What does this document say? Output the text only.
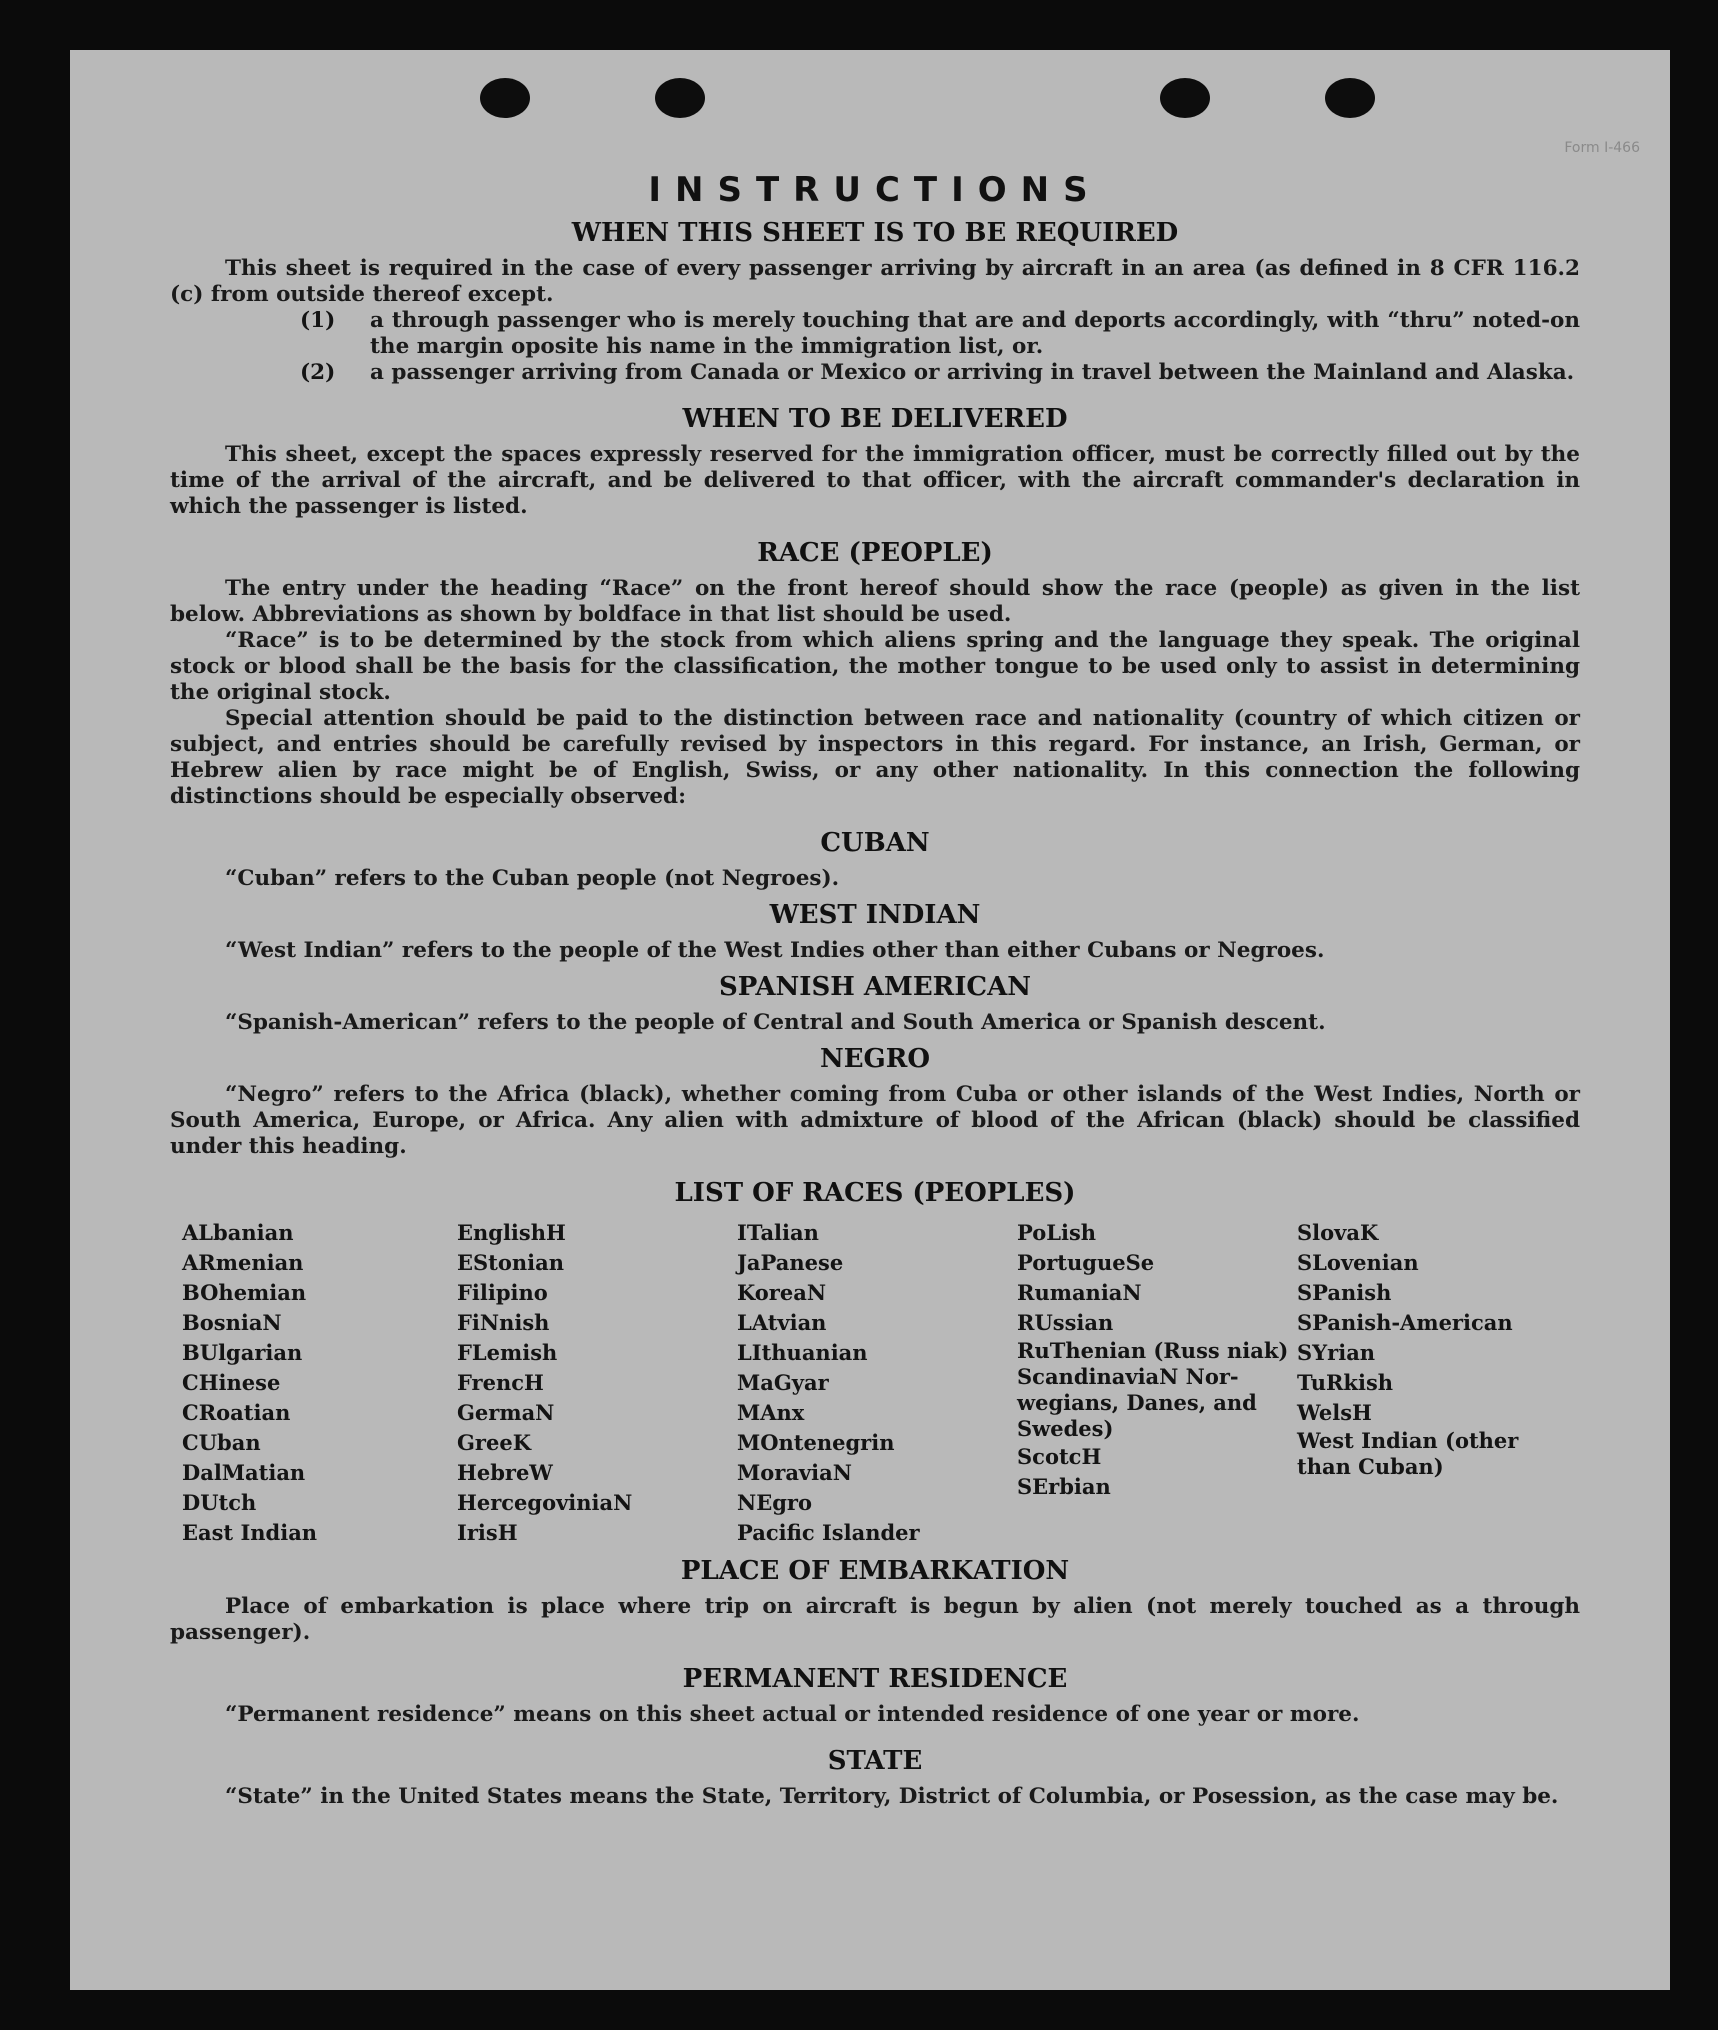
Form I-466
INSTRUCTIONS
WHEN THIS SHEET IS TO BE REQUIRED

This sheet is required in the case of every passenger arriving by aircraft in an area (as defined in 8 CFR 116.2 (c) from outside thereof except.

(1)	a through passenger who is merely touching that are and deports accordingly, with “thru” noted-on the margin oposite his name in the immigration list, or.

(2)	a passenger arriving from Canada or Mexico or arriving in travel between the Mainland and Alaska.

WHEN TO BE DELIVERED

This sheet, except the spaces expressly reserved for the immigration officer, must be correctly filled out by the time of the arrival of the aircraft, and be delivered to that officer, with the aircraft commander's declaration in which the passenger is listed.

RACE (PEOPLE)

The entry under the heading “Race” on the front hereof should show the race (people) as given in the list below. Abbreviations as shown by boldface in that list should be used.

“Race” is to be determined by the stock from which aliens spring and the language they speak. The original stock or blood shall be the basis for the classification, the mother tongue to be used only to assist in determining the original stock.

Special attention should be paid to the distinction between race and nationality (country of which citizen or subject, and entries should be carefully revised by inspectors in this regard. For instance, an Irish, German, or Hebrew alien by race might be of English, Swiss, or any other nationality. In this connection the following distinctions should be especially observed:

CUBAN

“Cuban” refers to the Cuban people (not Negroes).

WEST INDIAN

“West Indian” refers to the people of the West Indies other than either Cubans or Negroes.

SPANISH AMERICAN

“Spanish-American” refers to the people of Central and South America or Spanish descent.

NEGRO

“Negro” refers to the Africa (black), whether coming from Cuba or other islands of the West Indies, North or South America, Europe, or Africa. Any alien with admixture of blood of the African (black) should be classified under this heading.

LIST OF RACES (PEOPLES)
ALbanian
ARmenian
BOhemian
BosniaN
BUlgarian
CHinese
CRoatian
CUban
DalMatian
DUtch
East Indian
EnglishH
EStonian
Filipino
FiNnish
FLemish
FrencH
GermaN
GreeK
HebreW
HercegoviniaN
IrisH
ITalian
JaPanese
KoreaN
LAtvian
LIthuanian
MaGyar
MAnx
MOntenegrin
MoraviaN
NEgro
Pacific Islander
PoLish
PortugueSe
RumaniaN
RUssian
RuThenian (Russ niak)
ScandinaviaN Nor-wegians, Danes, and Swedes)
ScotcH
SErbian
SlovaK
SLovenian
SPanish
SPanish-American
SYrian
TuRkish
WelsH
West Indian (other than Cuban)
PLACE OF EMBARKATION

Place of embarkation is place where trip on aircraft is begun by alien (not merely touched as a through passenger).

PERMANENT RESIDENCE

“Permanent residence” means on this sheet actual or intended residence of one year or more.

STATE

“State” in the United States means the State, Territory, District of Columbia, or Posession, as the case may be.
